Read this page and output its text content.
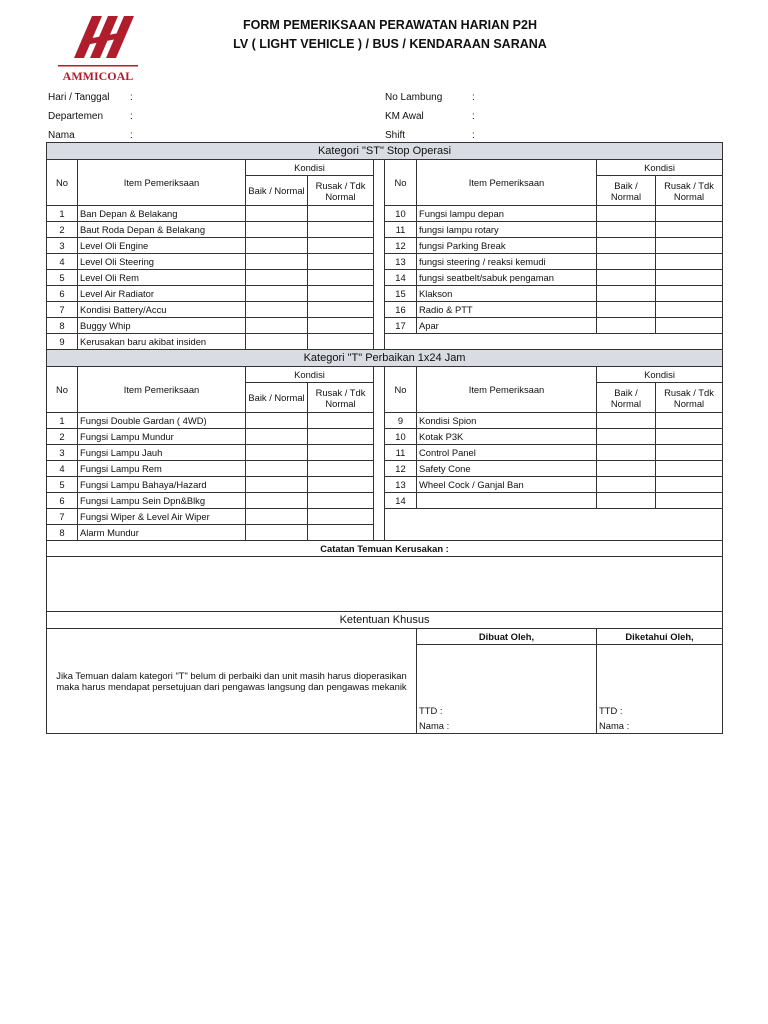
AMMICOAL
FORM PEMERIKSAAN PERAWATAN HARIAN P2H
LV ( LIGHT VEHICLE ) / BUS / KENDARAAN SARANA
Hari / Tanggal :
Departemen	:
Nama	:
No Lambung	:
KM Awal	:
Shift	:
Kategori "ST" Stop Operasi								
No	Item Pemeriksaan	Kondisi			No	Item Pemeriksaan	Kondisi	
		Baik / Normal	Rusak / Tdk Normal				Baik / Normal	Rusak / Tdk Normal
1	Ban Depan & Belakang				10	Fungsi lampu depan		
2	Baut Roda Depan & Belakang				11	fungsi lampu rotary		
3	Level Oli Engine				12	fungsi Parking Break		
4	Level Oli Steering				13	fungsi steering / reaksi kemudi		
5	Level Oli Rem				14	fungsi seatbelt/sabuk pengaman		
6	Level Air Radiator				15	Klakson		
7	Kondisi Battery/Accu				16	Radio & PTT		
8	Buggy Whip				17	Apar		
9	Kerusakan baru akibat insiden							
Kategori "T" Perbaikan 1x24 Jam								
No	Item Pemeriksaan	Kondisi			No	Item Pemeriksaan	Kondisi	
		Baik / Normal	Rusak / Tdk Normal				Baik / Normal	Rusak / Tdk Normal
1	Fungsi Double Gardan ( 4WD)				9	Kondisi Spion		
2	Fungsi Lampu Mundur				10	Kotak P3K		
3	Fungsi Lampu Jauh				11	Control Panel		
4	Fungsi Lampu Rem				12	Safety Cone		
5	Fungsi Lampu Bahaya/Hazard				13	Wheel Cock / Ganjal Ban		
6	Fungsi Lampu Sein Dpn&Blkg				14			
7	Fungsi Wiper & Level Air Wiper							
8	Alarm Mundur							
Catatan Temuan Kerusakan :								

Ketentuan Khusus								
Jika Temuan dalam kategori "T" belum di perbaiki dan unit masih harus dioperasikan maka harus mendapat persetujuan dari pengawas langsung dan pengawas mekanik						Dibuat Oleh,	Diketahui Oleh,	

						TTD :	TTD :	
						Nama :	Nama :	
